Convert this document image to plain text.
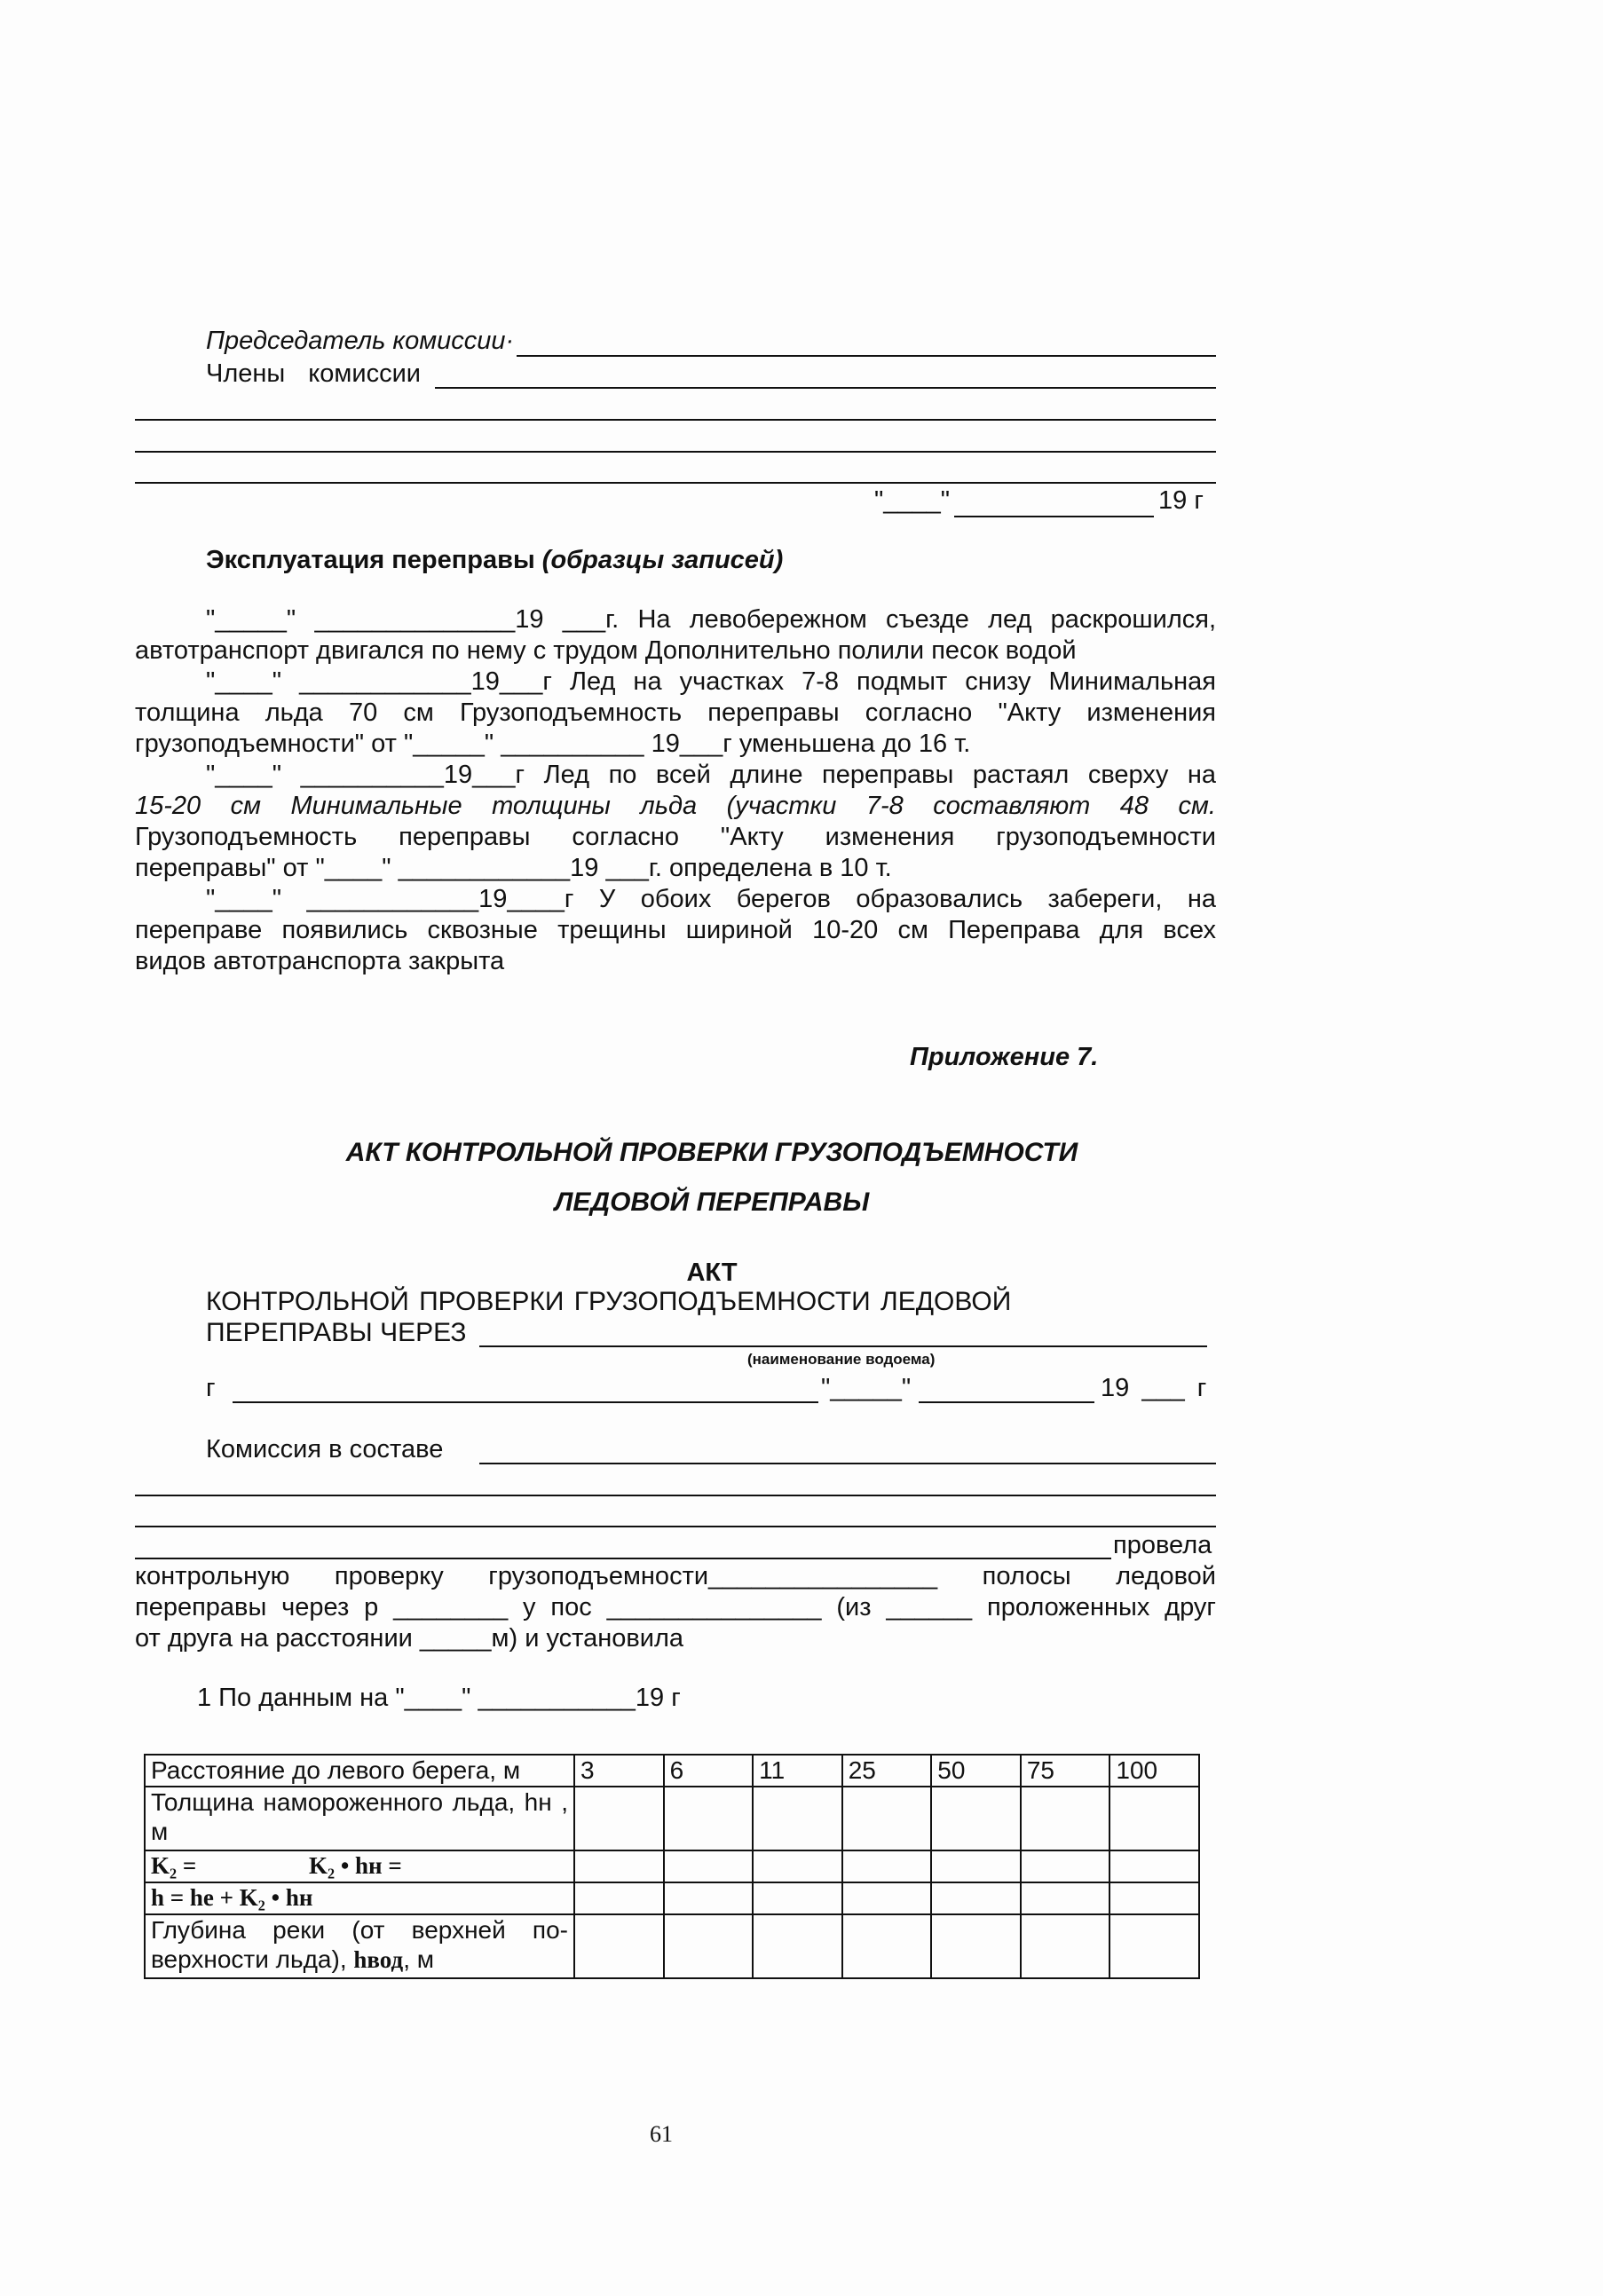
Председатель комиссии·
Члены комиссии
"____"	19 г
Эксплуатация переправы (образцы записей)
"_____" ______________19 ___г. На левобережном съезде лед раскрошился,
автотранспорт двигался по нему с трудом Дополнительно полили песок водой
"____" ____________19___г Лед на участках 7-8 подмыт снизу Минимальная
толщина льда 70 см Грузоподъемность переправы согласно "Акту изменения
грузоподъемности" от "_____" __________ 19___г уменьшена до 16 т.
"____" __________19___г Лед по всей длине переправы растаял сверху на
15-20 см Минимальные толщины льда (участки 7-8 составляют 48 см.
Грузоподъемность переправы согласно "Акту изменения грузоподъемности
переправы" от "____" ____________19 ___г. определена в 10 т.
"____" ____________19____г У обоих берегов образовались забереги, на
переправе появились сквозные трещины шириной 10-20 см Переправа для всех
видов автотранспорта закрыта
Приложение 7.
АКТ КОНТРОЛЬНОЙ ПРОВЕРКИ ГРУЗОПОДЪЕМНОСТИ
ЛЕДОВОЙ ПЕРЕПРАВЫ
АКТ
КОНТРОЛЬНОЙ ПРОВЕРКИ ГРУЗОПОДЪЕМНОСТИ ЛЕДОВОЙ
ПЕРЕПРАВЫ ЧЕРЕЗ
(наименование водоема)
г	"_____"	19 ___ г
Комиссия в составе
провела
контрольную проверку грузоподъемности________________ полосы ледовой
переправы через р ________ у пос _______________ (из ______ проложенных друг
от друга на расстоянии _____м) и установила
1 По данным на "____" ___________19 г
Расстояние до левого берега, м	3	6	11	25	50	75	100
Толщина намороженного льда, hн , м							
K₂ = K₂ • hн =							
h = hе + K₂ • hн							

Глубина реки (от верхней по-
верхности льда), hвод, м							

61
